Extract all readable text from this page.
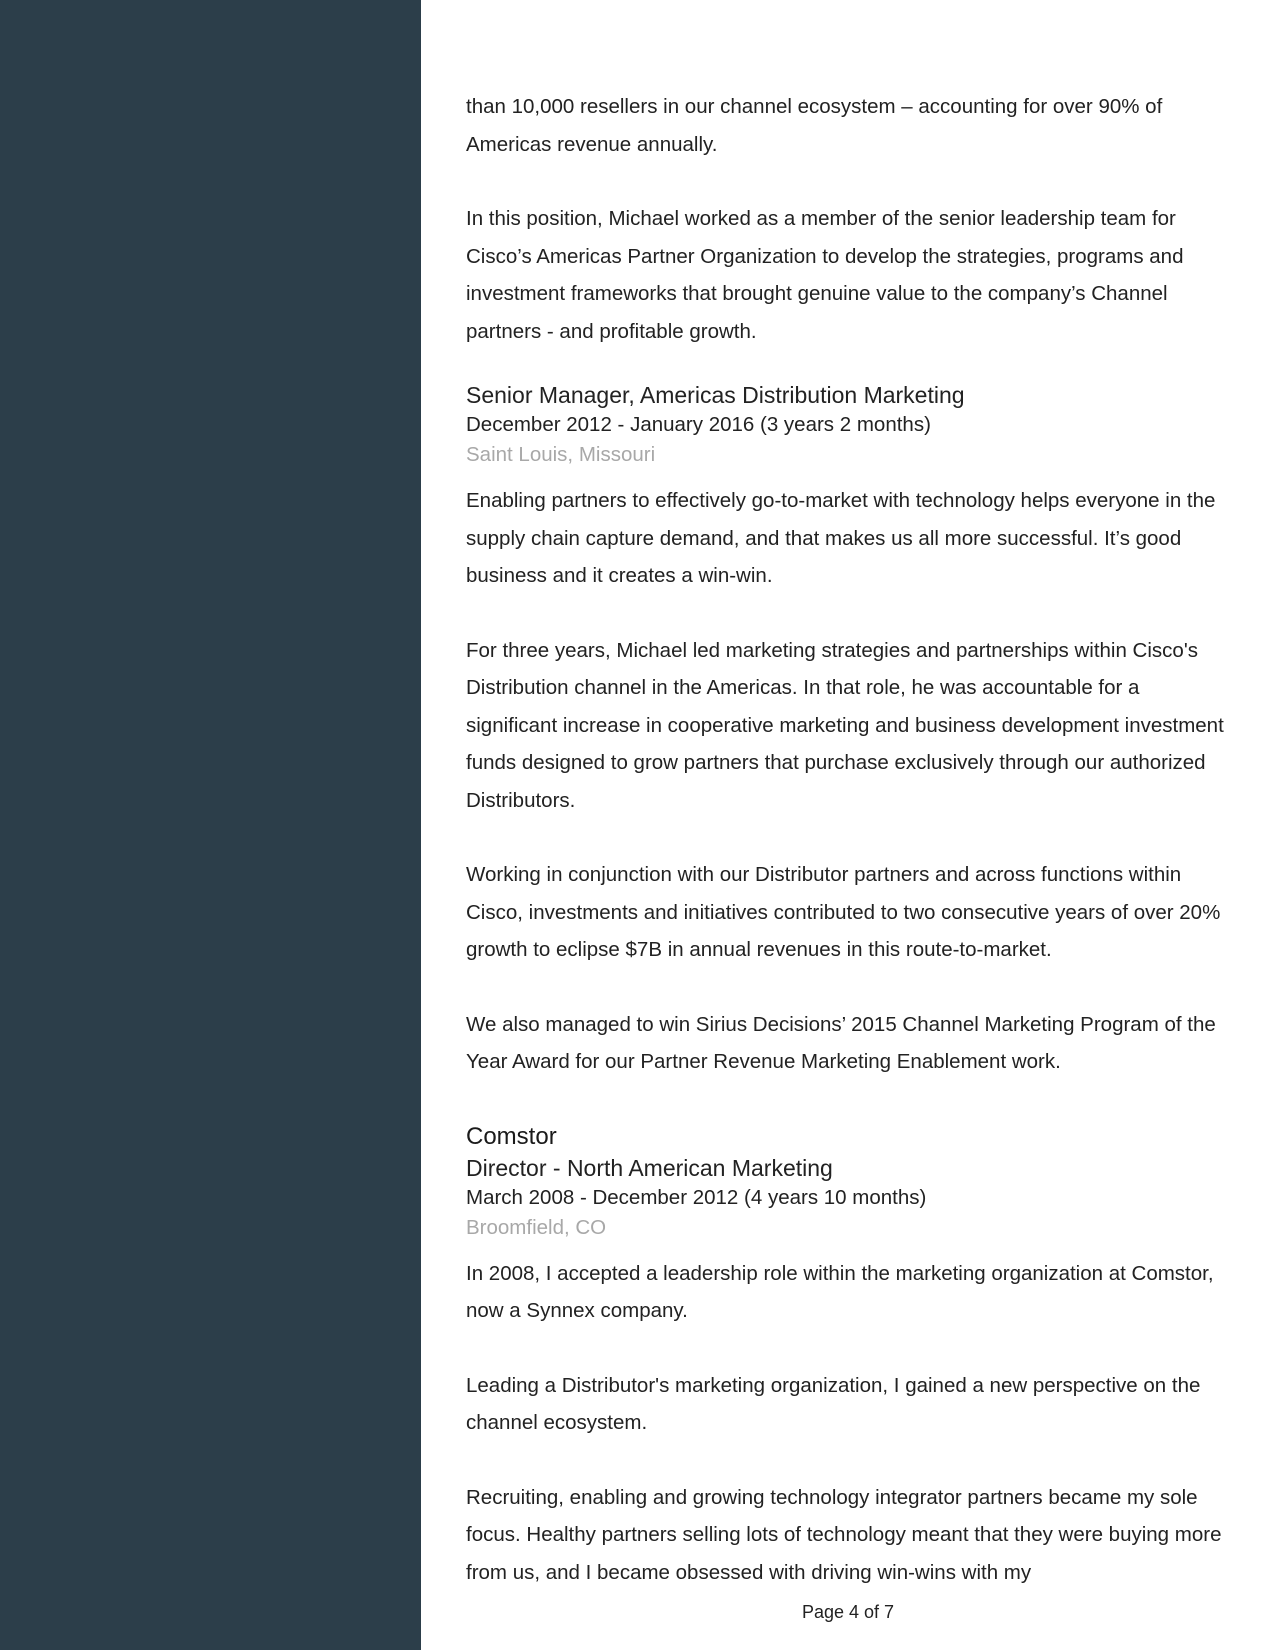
than 10,000 resellers in our channel ecosystem – accounting for over 90% of Americas revenue annually.

In this position, Michael worked as a member of the senior leadership team for Cisco’s Americas Partner Organization to develop the strategies, programs and investment frameworks that brought genuine value to the company’s Channel partners - and profitable growth.

Senior Manager, Americas Distribution Marketing

December 2012 - January 2016 (3 years 2 months)

Saint Louis, Missouri

Enabling partners to effectively go-to-market with technology helps everyone in the supply chain capture demand, and that makes us all more successful. It’s good business and it creates a win-win.

For three years, Michael led marketing strategies and partnerships within Cisco's Distribution channel in the Americas. In that role, he was accountable for a significant increase in cooperative marketing and business development investment funds designed to grow partners that purchase exclusively through our authorized Distributors.

Working in conjunction with our Distributor partners and across functions within Cisco, investments and initiatives contributed to two consecutive years of over 20% growth to eclipse $7B in annual revenues in this route-to-market.

We also managed to win Sirius Decisions’ 2015 Channel Marketing Program of the Year Award for our Partner Revenue Marketing Enablement work.

Comstor

Director - North American Marketing

March 2008 - December 2012 (4 years 10 months)

Broomfield, CO

In 2008, I accepted a leadership role within the marketing organization at Comstor, now a Synnex company.

Leading a Distributor's marketing organization, I gained a new perspective on the channel ecosystem.

Recruiting, enabling and growing technology integrator partners became my sole focus. Healthy partners selling lots of technology meant that they were buying more from us, and I became obsessed with driving win-wins with my

Page 4 of 7
